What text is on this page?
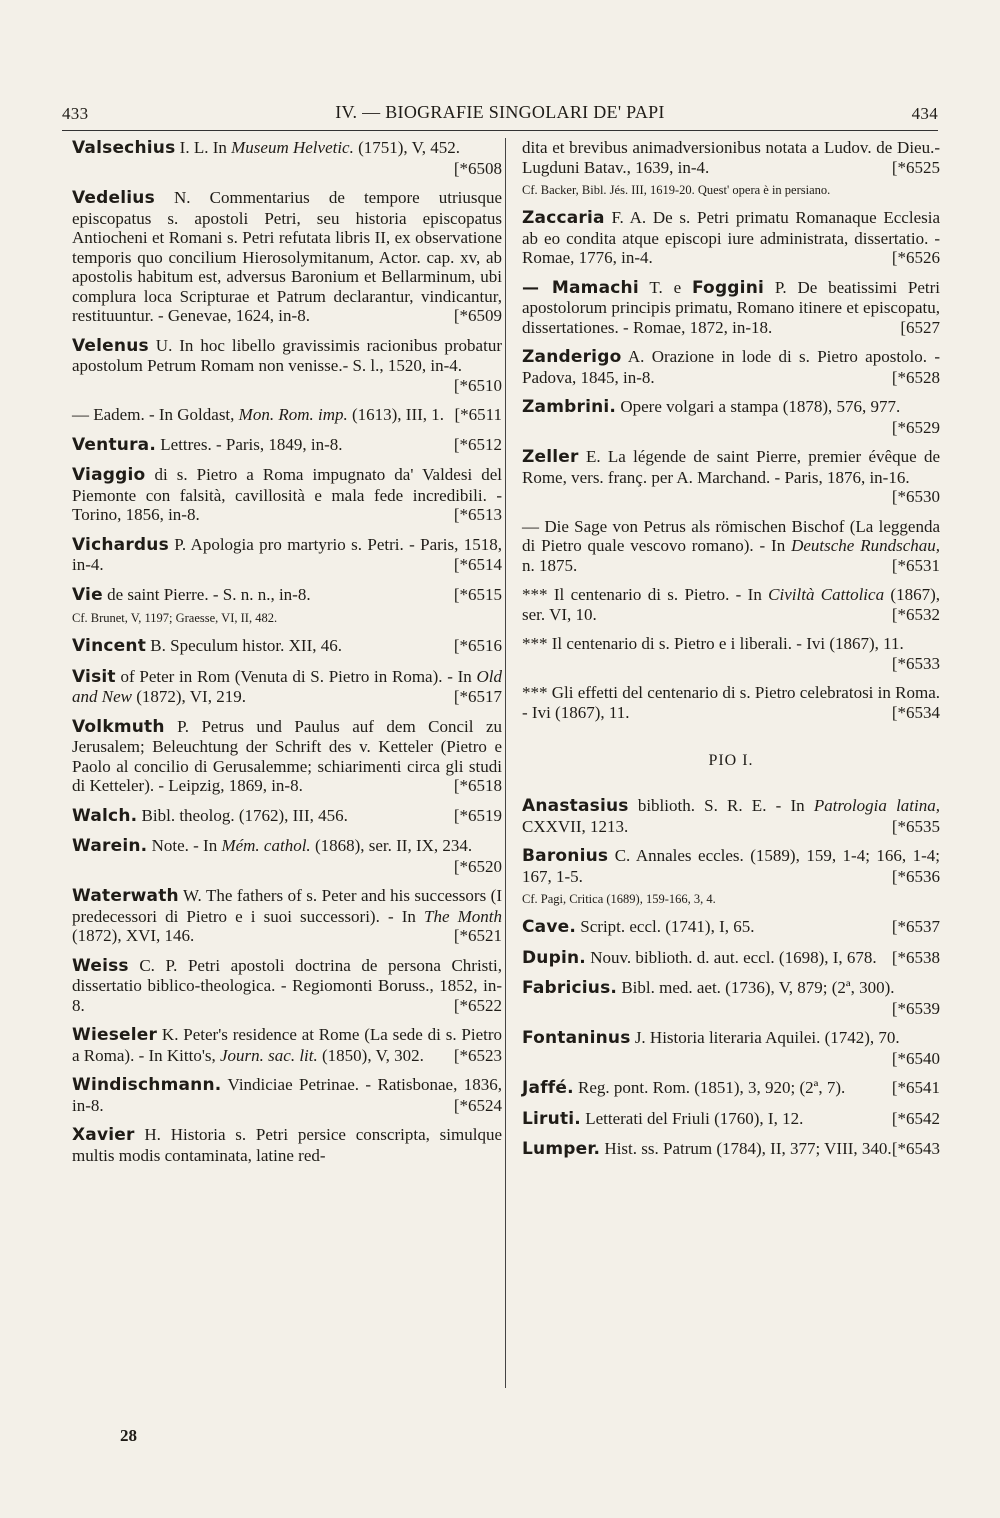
433	IV. — BIOGRAFIE SINGOLARI DE' PAPI	434
Valsechius I. L. In Museum Helvetic. (1751), V, 452.
[*6508
Vedelius N. Commentarius de tempore utriusque episcopatus s. apostoli Petri, seu historia episcopatus Antiocheni et Romani s. Petri refutata libris II, ex observatione temporis quo concilium Hierosolymitanum, Actor. cap. xv, ab apostolis habitum est, adversus Baronium et Bellarminum, ubi complura loca Scripturae et Patrum declarantur, vindicantur, restituuntur. - Genevae, 1624, in-8.	[*6509
Velenus U. In hoc libello gravissimis racionibus probatur apostolum Petrum Romam non venisse.- S. l., 1520, in-4.
[*6510
— Eadem. - In Goldast, Mon. Rom. imp. (1613), III, 1. [*6511
Ventura. Lettres. - Paris, 1849, in-8.	[*6512
Viaggio di s. Pietro a Roma impugnato da' Valdesi del Piemonte con falsità, cavillosità e mala fede incredibili. - Torino, 1856, in-8.	[*6513
Vichardus P. Apologia pro martyrio s. Petri. - Paris, 1518, in-4.	[*6514
Vie de saint Pierre. - S. n. n., in-8.	[*6515
Cf. Brunet, V, 1197; Graesse, VI, II, 482.
Vincent B. Speculum histor. XII, 46.	[*6516
Visit of Peter in Rom (Venuta di S. Pietro in Roma). - In Old and New (1872), VI, 219.	[*6517
Volkmuth P. Petrus und Paulus auf dem Concil zu Jerusalem; Beleuchtung der Schrift des v. Ketteler (Pietro e Paolo al concilio di Gerusalemme; schiarimenti circa gli studi di Ketteler). - Leipzig, 1869, in-8.	[*6518
Walch. Bibl. theolog. (1762), III, 456.	[*6519
Warein. Note. - In Mém. cathol. (1868), ser. II, IX, 234.
[*6520
Waterwath W. The fathers of s. Peter and his successors (I predecessori di Pietro e i suoi successori). - In The Month (1872), XVI, 146.	[*6521
Weiss C. P. Petri apostoli doctrina de persona Christi, dissertatio biblico-theologica. - Regiomonti Boruss., 1852, in-8.	[*6522
Wieseler K. Peter's residence at Rome (La sede di s. Pietro a Roma). - In Kitto's, Journ. sac. lit. (1850), V, 302. [*6523
Windischmann. Vindiciae Petrinae. - Ratisbonae, 1836, in-8.	[*6524
Xavier H. Historia s. Petri persice conscripta, simulque multis modis contaminata, latine red-
dita et brevibus animadversionibus notata a Ludov. de Dieu.-Lugduni Batav., 1639, in-4.	[*6525
Cf. Backer, Bibl. Jés. III, 1619-20. Quest' opera è in persiano.
Zaccaria F. A. De s. Petri primatu Romanaque Ecclesia ab eo condita atque episcopi iure administrata, dissertatio. - Romae, 1776, in-4.	[*6526
— Mamachi T. e Foggini P. De beatissimi Petri apostolorum principis primatu, Romano itinere et episcopatu, dissertationes. - Romae, 1872, in-18.	[6527
Zanderigo A. Orazione in lode di s. Pietro apostolo. - Padova, 1845, in-8.	[*6528
Zambrini. Opere volgari a stampa (1878), 576, 977.
[*6529
Zeller E. La légende de saint Pierre, premier évêque de Rome, vers. franç. per A. Marchand. - Paris, 1876, in-16.
[*6530
— Die Sage von Petrus als römischen Bischof (La leggenda di Pietro quale vescovo romano). - In Deutsche Rundschau, n. 1875.	[*6531
*** Il centenario di s. Pietro. - In Civiltà Cattolica (1867), ser. VI, 10.	[*6532
*** Il centenario di s. Pietro e i liberali. - Ivi (1867), 11.
[*6533
*** Gli effetti del centenario di s. Pietro celebratosi in Roma. - Ivi (1867), 11.	[*6534
PIO I.
Anastasius biblioth. S. R. E. - In Patrologia latina, CXXVII, 1213.	[*6535
Baronius C. Annales eccles. (1589), 159, 1-4; 166, 1-4; 167, 1-5.	[*6536
Cf. Pagi, Critica (1689), 159-166, 3, 4.
Cave. Script. eccl. (1741), I, 65.	[*6537
Dupin. Nouv. biblioth. d. aut. eccl. (1698), I, 678. [*6538
Fabricius. Bibl. med. aet. (1736), V, 879; (2ª, 300).
[*6539
Fontaninus J. Historia literaria Aquilei. (1742), 70.
[*6540
Jaffé. Reg. pont. Rom. (1851), 3, 920; (2ª, 7).	[*6541
Liruti. Letterati del Friuli (1760), I, 12.	[*6542
Lumper. Hist. ss. Patrum (1784), II, 377; VIII, 340. [*6543
28
